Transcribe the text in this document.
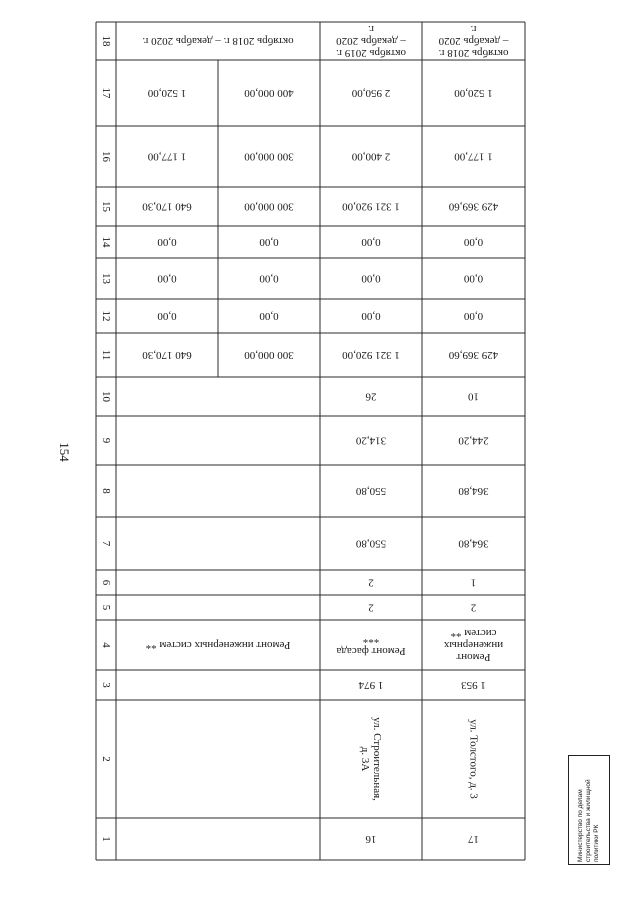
154
1
2
3
4
5
6
7
8
9
10
11
12
13
14
15
16
17
18
Ремонт инженерных систем **
640 170,30
0,00
0,00
0,00
640 170,30
1 177,00
1 520,00
октябрь 2018 г. – декабрь 2020 г.
300 000,00
0,00
0,00
0,00
300 000,00
300 000,00
400 000,00
16
ул. Строительная,
д. 3А
1 974
Ремонт фасада
***
2
2
550,80
550,80
314,20
26
1 321 920,00
0,00
0,00
0,00
1 321 920,00
2 400,00
2 950,00
октябрь 2019 г.
– декабрь 2020
г.
17
ул. Толстого, д. 3
1 953
Ремонт
инженерных
систем **
2
1
364,80
364,80
244,20
10
429 369,60
0,00
0,00
0,00
429 369,60
1 177,00
1 520,00
октябрь 2018 г.
– декабрь 2020
г.
Министерство по делам строительства и жилищной политики РК
